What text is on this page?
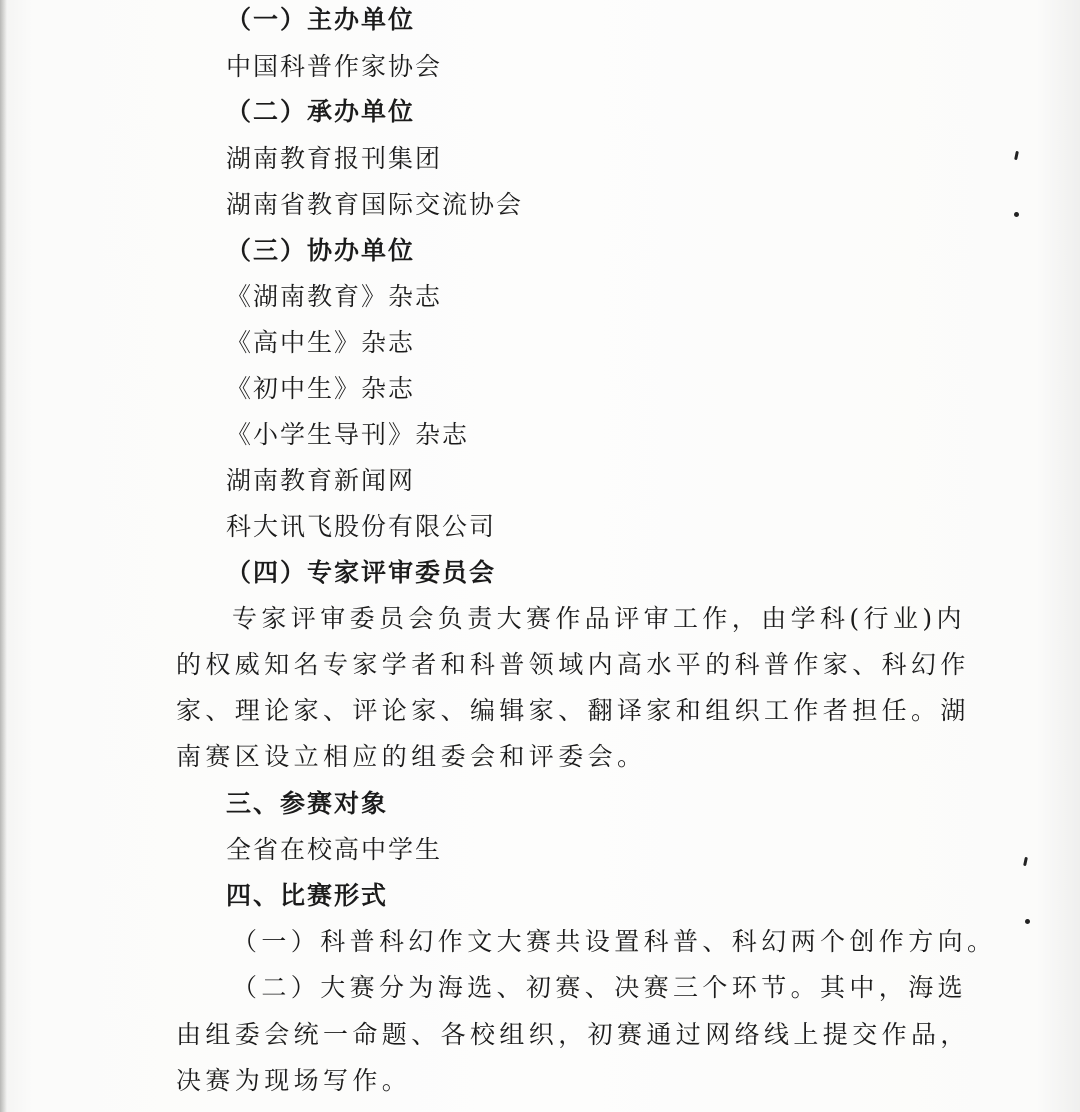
（一）主办单位
中国科普作家协会
（二）承办单位
湖南教育报刊集团
湖南省教育国际交流协会
（三）协办单位
《湖南教育》杂志
《高中生》杂志
《初中生》杂志
《小学生导刊》杂志
湖南教育新闻网
科大讯飞股份有限公司
（四）专家评审委员会
专家评审委员会负责大赛作品评审工作，由学科(行业)内
的权威知名专家学者和科普领域内高水平的科普作家、科幻作
家、理论家、评论家、编辑家、翻译家和组织工作者担任。湖
南赛区设立相应的组委会和评委会。
三、参赛对象
全省在校高中学生
四、比赛形式
（一）科普科幻作文大赛共设置科普、科幻两个创作方向。
（二）大赛分为海选、初赛、决赛三个环节。其中，海选
由组委会统一命题、各校组织，初赛通过网络线上提交作品，
决赛为现场写作。
